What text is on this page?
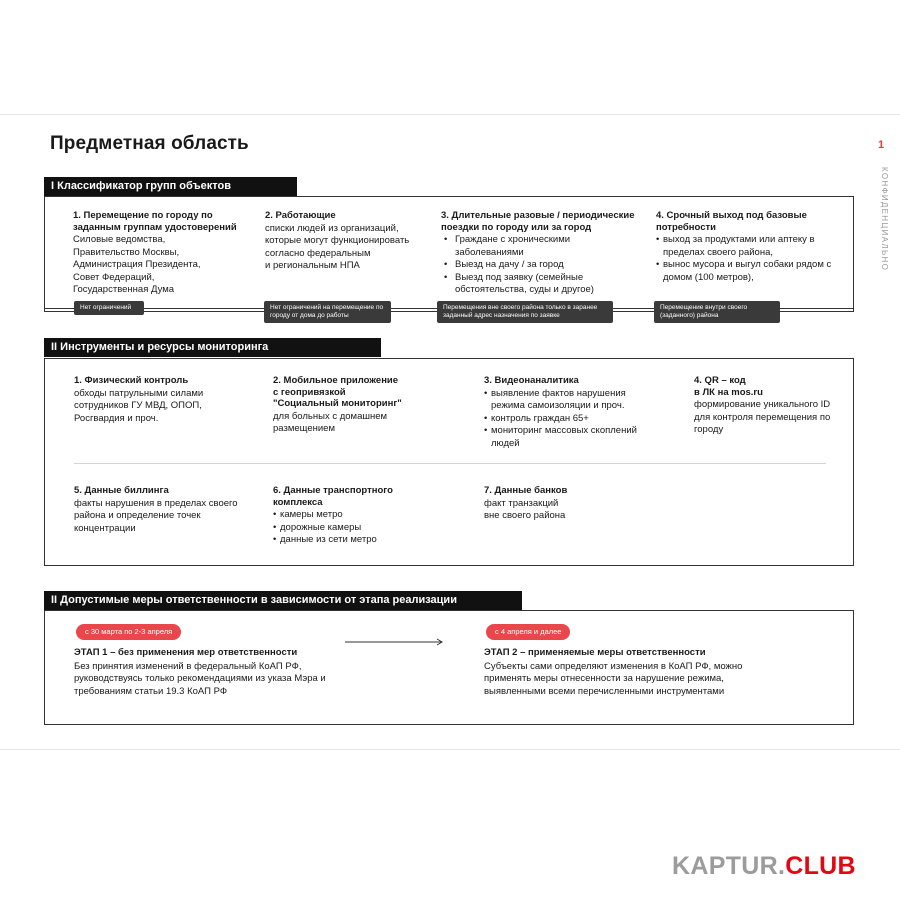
Предметная область	1
КОНФИДЕНЦИАЛЬНО
I Классификатор групп объектов
1. Перемещение по городу по заданным группам удостоверений
Силовые ведомства,
Правительство Москвы,
Администрация Президента,
Совет Федераций,
Государственная Дума
Нет ограничений
2. Работающие
списки людей из организаций, которые могут функционировать согласно федеральным
и региональным НПА
Нет ограничений на перемещение по городу от дома до работы
3. Длительные разовые / периодические поездки по городу или за город
• Граждане с хроническими заболеваниями
• Выезд на дачу / за город
• Выезд под заявку (семейные обстоятельства, суды и другое)
Перемещения вне своего района только в заранее заданный адрес назначения по заявке
4. Срочный выход под базовые потребности
• выход за продуктами или аптеку в пределах своего района,
• вынос мусора и выгул собаки рядом с домом (100 метров),
Перемещение внутри своего (заданного) района
II Инструменты и ресурсы мониторинга
1. Физический контроль
обходы патрульными силами сотрудников ГУ МВД, ОПОП, Росгвардия и проч.
2. Мобильное приложение
с геопривязкой
"Социальный мониторинг"
для больных с домашнем размещением
3. Видеонаналитика
• выявление фактов нарушения режима самоизоляции и проч.
• контроль граждан 65+
• мониторинг массовых скоплений людей
4. QR – код
в ЛК на mos.ru
формирование уникального ID для контроля перемещения по городу
5. Данные биллинга
факты нарушения в пределах своего района и определение точек концентрации
6. Данные транспортного комплекса
• камеры метро
• дорожные камеры
• данные из сети метро
7. Данные банков
факт транзакций
вне своего района
II Допустимые меры ответственности в зависимости от этапа реализации
с 30 марта по 2-3 апреля
ЭТАП 1 – без применения мер ответственности
Без принятия изменений в федеральный КоАП РФ, руководствуясь только рекомендациями из указа Мэра и требованиям статьи 19.3 КоАП РФ
с 4 апреля и далее
ЭТАП 2 – применяемые меры ответственности
Субъекты сами определяют изменения в КоАП РФ, можно применять меры отнесенности за нарушение режима, выявленными всеми перечисленными инструментами
KAPTUR.CLUB
